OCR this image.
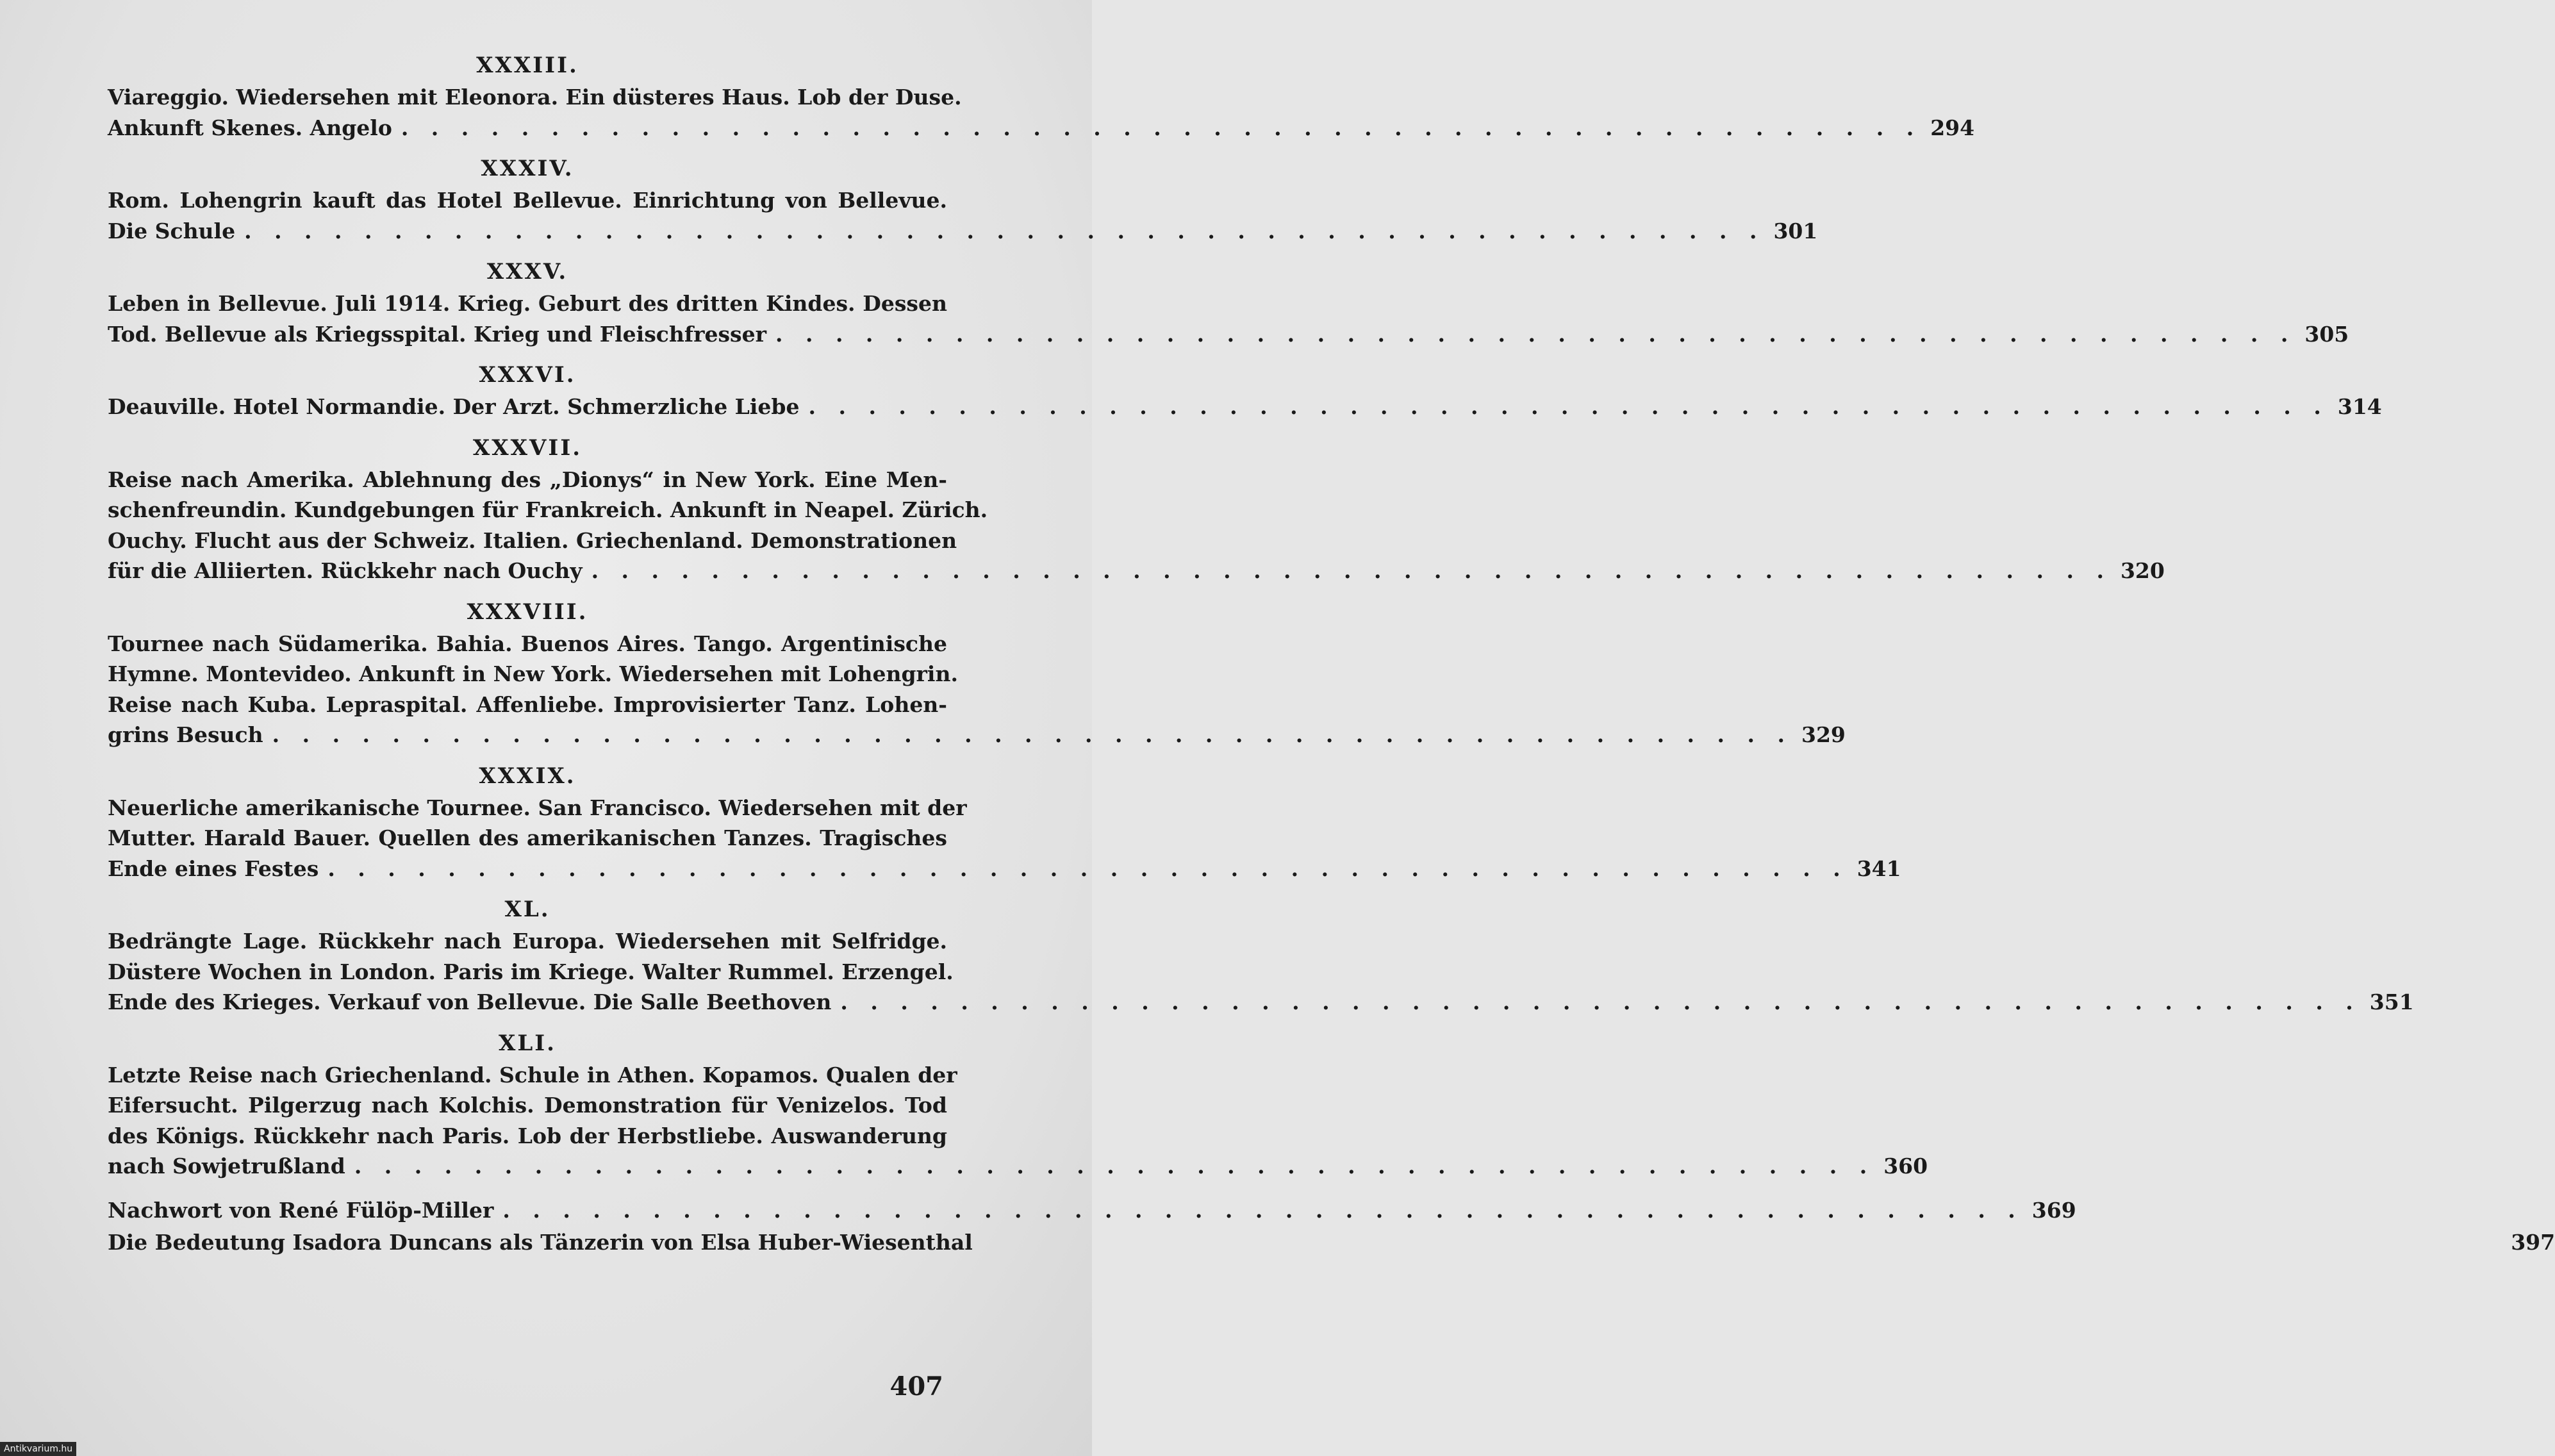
XXXIII.
Viareggio. Wiedersehen mit Eleonora. Ein düsteres Haus. Lob der Duse.
Ankunft Skenes. Angelo . . . . . . . . . . . . . . . . . . . . . . . . . . . . . . . . . . . . . . . . . . . . . . . . . . . 294
XXXIV.
Rom. Lohengrin kauft das Hotel Bellevue. Einrichtung von Bellevue.
Die Schule . . . . . . . . . . . . . . . . . . . . . . . . . . . . . . . . . . . . . . . . . . . . . . . . . . . 301
XXXV.
Leben in Bellevue. Juli 1914. Krieg. Geburt des dritten Kindes. Dessen
Tod. Bellevue als Kriegsspital. Krieg und Fleischfresser . . . . . . . . . . . . . . . . . . . . . . . . . . . . . . . . . . . . . . . . . . . . . . . . . . . 305
XXXVI.
Deauville. Hotel Normandie. Der Arzt. Schmerzliche Liebe . . . . . . . . . . . . . . . . . . . . . . . . . . . . . . . . . . . . . . . . . . . . . . . . . . . 314
XXXVII.
Reise nach Amerika. Ablehnung des „Dionys“ in New York. Eine Men-
schenfreundin. Kundgebungen für Frankreich. Ankunft in Neapel. Zürich.
Ouchy. Flucht aus der Schweiz. Italien. Griechenland. Demonstrationen
für die Alliierten. Rückkehr nach Ouchy . . . . . . . . . . . . . . . . . . . . . . . . . . . . . . . . . . . . . . . . . . . . . . . . . . . 320
XXXVIII.
Tournee nach Südamerika. Bahia. Buenos Aires. Tango. Argentinische
Hymne. Montevideo. Ankunft in New York. Wiedersehen mit Lohengrin.
Reise nach Kuba. Lepraspital. Affenliebe. Improvisierter Tanz. Lohen-
grins Besuch . . . . . . . . . . . . . . . . . . . . . . . . . . . . . . . . . . . . . . . . . . . . . . . . . . . 329
XXXIX.
Neuerliche amerikanische Tournee. San Francisco. Wiedersehen mit der
Mutter. Harald Bauer. Quellen des amerikanischen Tanzes. Tragisches
Ende eines Festes . . . . . . . . . . . . . . . . . . . . . . . . . . . . . . . . . . . . . . . . . . . . . . . . . . . 341
XL.
Bedrängte Lage. Rückkehr nach Europa. Wiedersehen mit Selfridge.
Düstere Wochen in London. Paris im Kriege. Walter Rummel. Erzengel.
Ende des Krieges. Verkauf von Bellevue. Die Salle Beethoven . . . . . . . . . . . . . . . . . . . . . . . . . . . . . . . . . . . . . . . . . . . . . . . . . . . 351
XLI.
Letzte Reise nach Griechenland. Schule in Athen. Kopamos. Qualen der
Eifersucht. Pilgerzug nach Kolchis. Demonstration für Venizelos. Tod
des Königs. Rückkehr nach Paris. Lob der Herbstliebe. Auswanderung
nach Sowjetrußland . . . . . . . . . . . . . . . . . . . . . . . . . . . . . . . . . . . . . . . . . . . . . . . . . . . 360
Nachwort von René Fülöp-Miller . . . . . . . . . . . . . . . . . . . . . . . . . . . . . . . . . . . . . . . . . . . . . . . . . . . 369
Die Bedeutung Isadora Duncans als Tänzerin von Elsa Huber-Wiesenthal	397
407
Antikvarium.hu
